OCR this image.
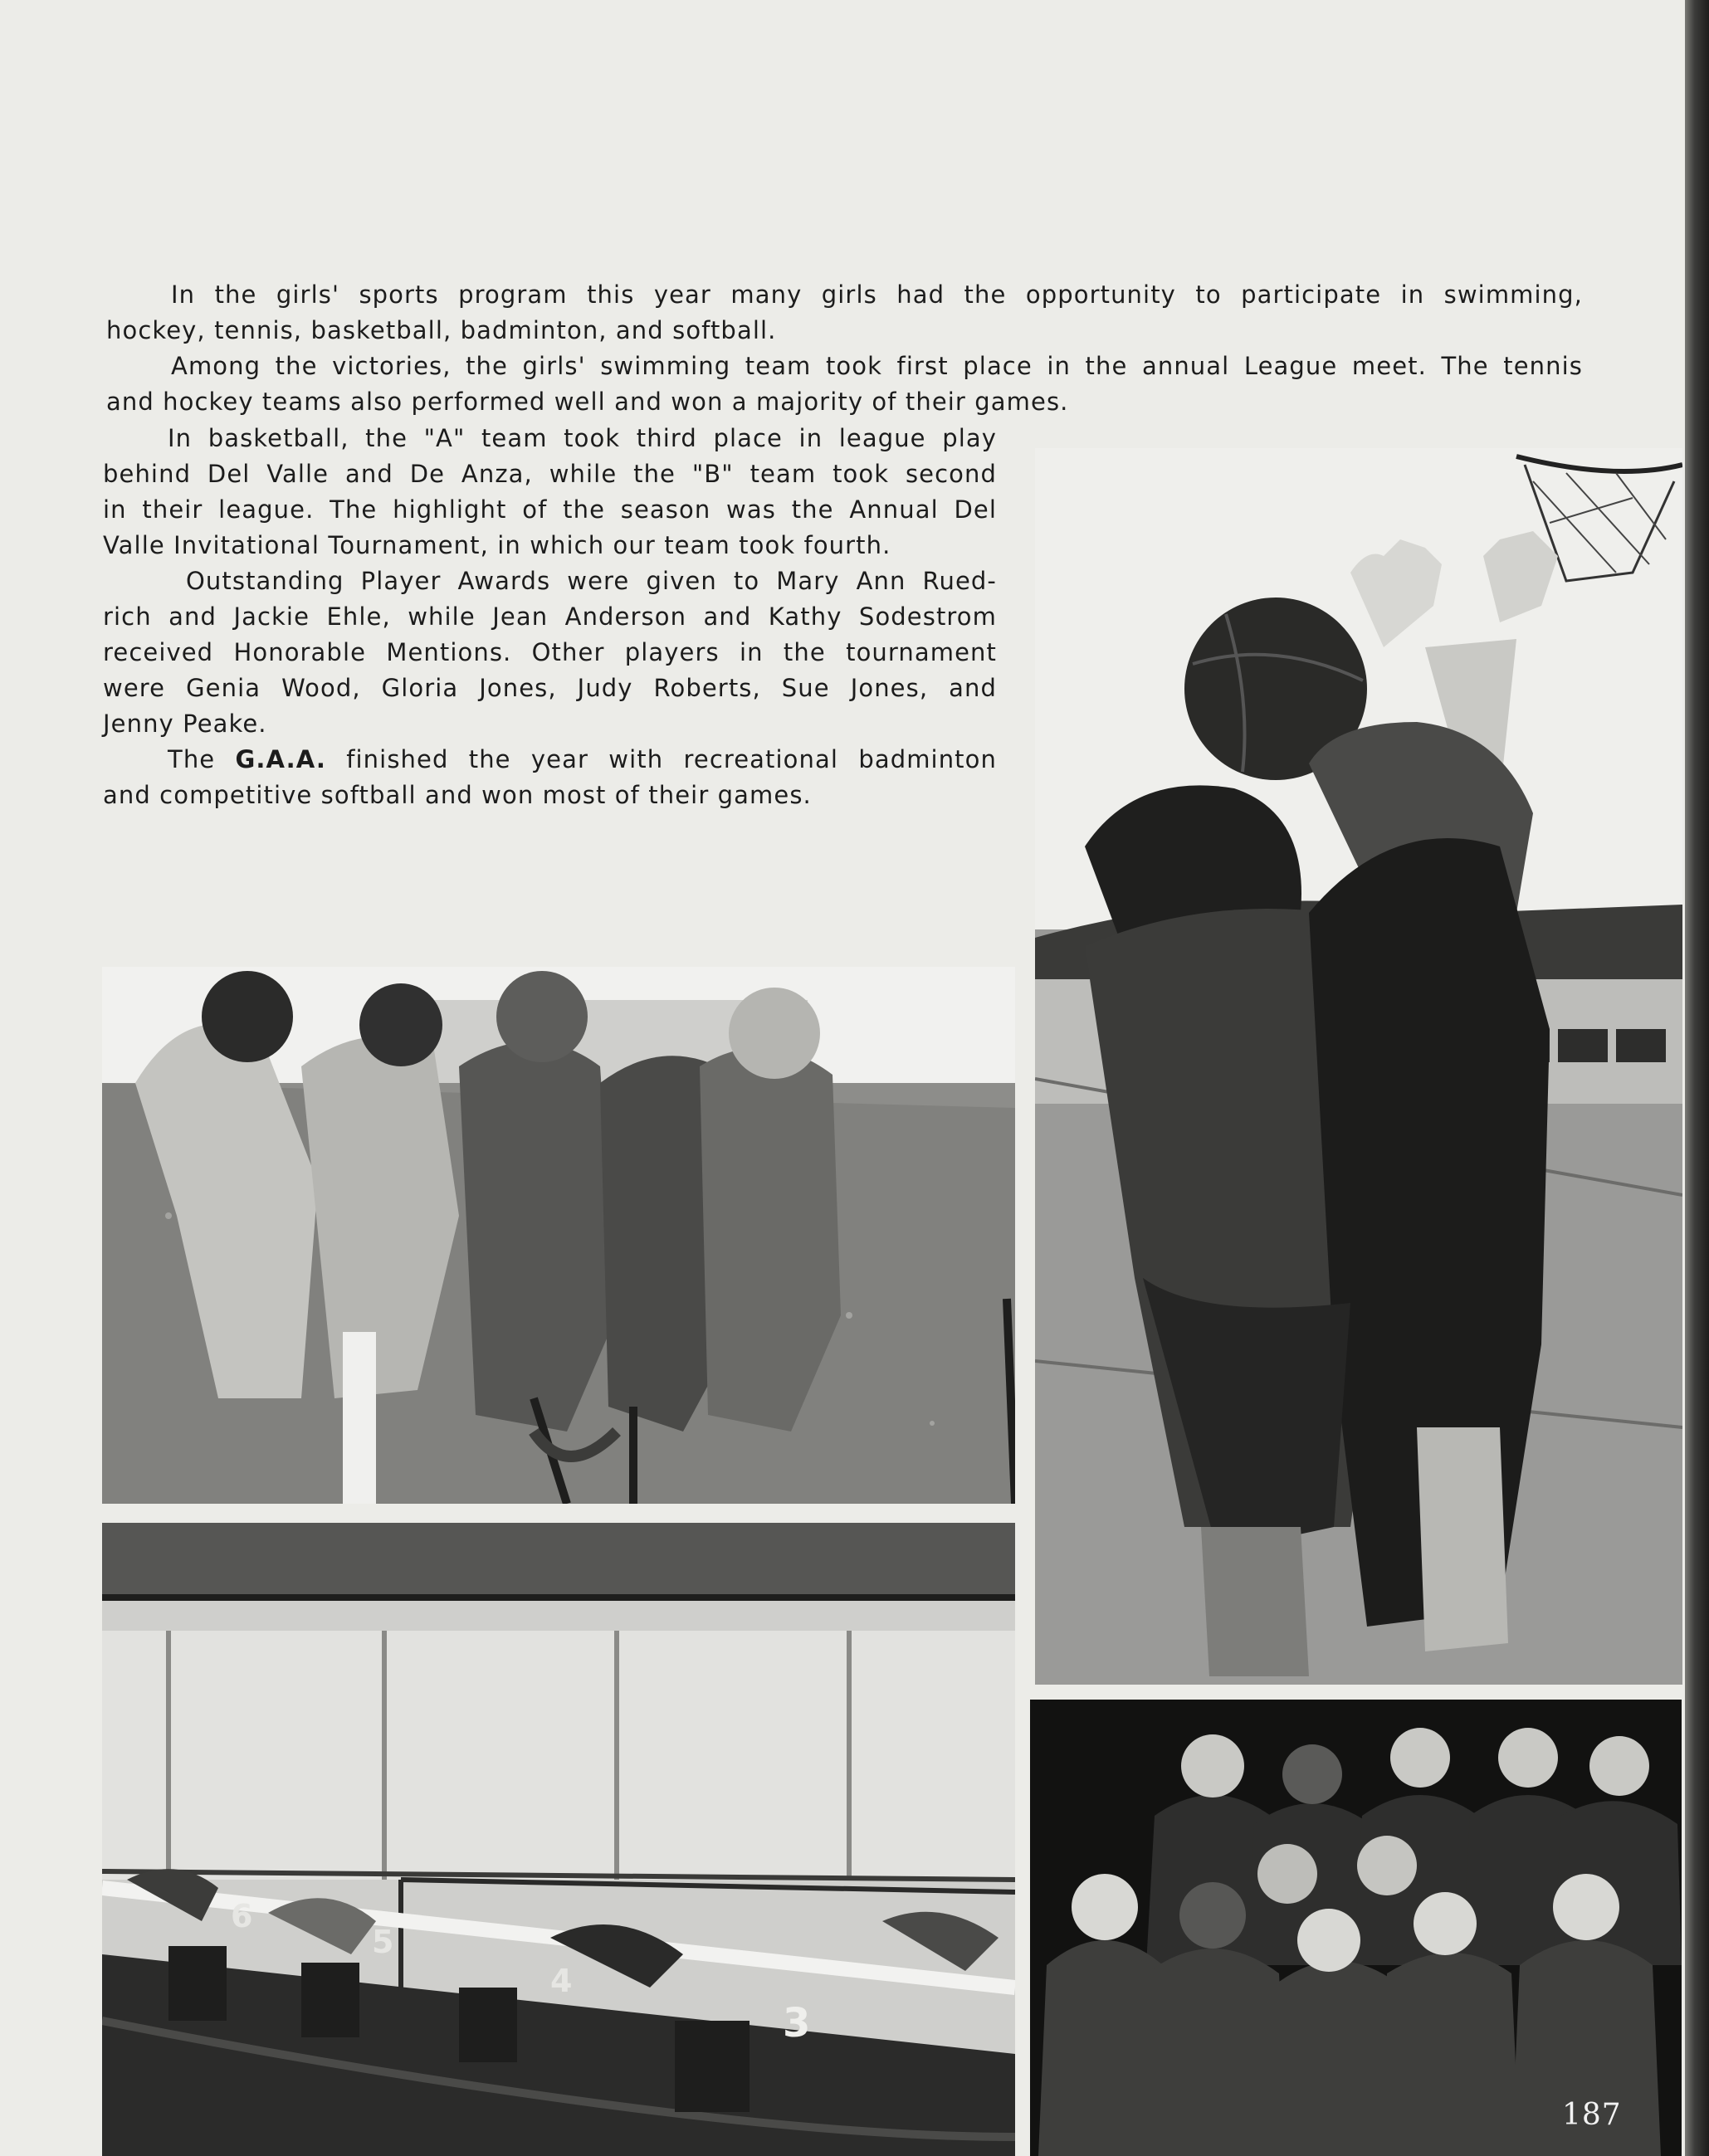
In the girls' sports program this year many girls had the opportunity to participate in swimming,

hockey, tennis, basketball, badminton, and softball.

Among the victories, the girls' swimming team took first place in the annual League meet. The tennis

and hockey teams also performed well and won a majority of their games.

In basketball, the "A" team took third place in league play

behind Del Valle and De Anza, while the "B" team took second

in their league. The highlight of the season was the Annual Del

Valle Invitational Tournament, in which our team took fourth.

Outstanding Player Awards were given to Mary Ann Rued-

rich and Jackie Ehle, while Jean Anderson and Kathy Sodestrom

received Honorable Mentions. Other players in the tournament

were Genia Wood, Gloria Jones, Judy Roberts, Sue Jones, and

Jenny Peake.

The G.A.A. finished the year with recreational badminton

and competitive softball and won most of their games.

6
5
4
3
187
